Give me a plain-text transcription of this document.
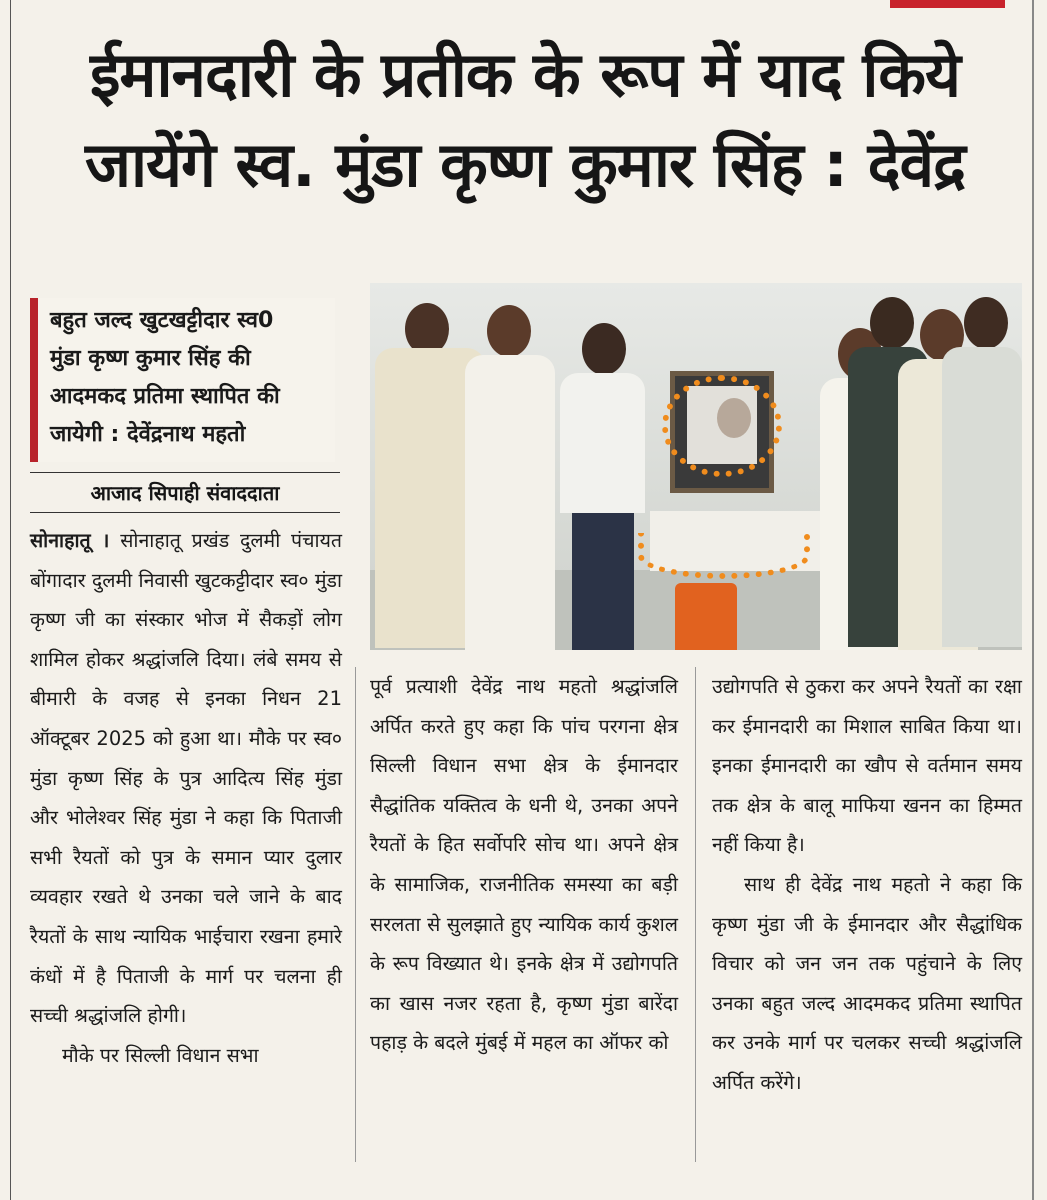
ईमानदारी के प्रतीक के रूप में याद किये
जायेंगे स्व. मुंडा कृष्ण कुमार सिंह : देवेंद्र
बहुत जल्द खुटखट्टीदार स्व0
मुंडा कृष्ण कुमार सिंह की
आदमकद प्रतिमा स्थापित की
जायेगी : देवेंद्रनाथ महतो
आजाद सिपाही संवाददाता

सोनाहातू । सोनाहातू प्रखंड दुलमी पंचायत बोंगादार दुलमी निवासी खुटकट्टीदार स्व० मुंडा कृष्ण जी का संस्कार भोज में सैकड़ों लोग शामिल होकर श्रद्धांजलि दिया। लंबे समय से बीमारी के वजह से इनका निधन 21 ऑक्टूबर 2025 को हुआ था। मौके पर स्व० मुंडा कृष्ण सिंह के पुत्र आदित्य सिंह मुंडा और भोलेश्वर सिंह मुंडा ने कहा कि पिताजी सभी रैयतों को पुत्र के समान प्यार दुलार व्यवहार रखते थे उनका चले जाने के बाद रैयतों के साथ न्यायिक भाईचारा रखना हमारे कंधों में है पिताजी के मार्ग पर चलना ही सच्ची श्रद्धांजलि होगी।

मौके पर सिल्ली विधान सभा

पूर्व प्रत्याशी देवेंद्र नाथ महतो श्रद्धांजलि अर्पित करते हुए कहा कि पांच परगना क्षेत्र सिल्ली विधान सभा क्षेत्र के ईमानदार सैद्धांतिक यक्तित्व के धनी थे, उनका अपने रैयतों के हित सर्वोपरि सोच था। अपने क्षेत्र के सामाजिक, राजनीतिक समस्या का बड़ी सरलता से सुलझाते हुए न्यायिक कार्य कुशल के रूप विख्यात थे। इनके क्षेत्र में उद्योगपति का खास नजर रहता है, कृष्ण मुंडा बारेंदा पहाड़ के बदले मुंबई में महल का ऑफर को

उद्योगपति से ठुकरा कर अपने रैयतों का रक्षा कर ईमानदारी का मिशाल साबित किया था। इनका ईमानदारी का खौप से वर्तमान समय तक क्षेत्र के बालू माफिया खनन का हिम्मत नहीं किया है।

साथ ही देवेंद्र नाथ महतो ने कहा कि कृष्ण मुंडा जी के ईमानदार और सैद्धांधिक विचार को जन जन तक पहुंचाने के लिए उनका बहुत जल्द आदमकद प्रतिमा स्थापित कर उनके मार्ग पर चलकर सच्ची श्रद्धांजलि अर्पित करेंगे।
